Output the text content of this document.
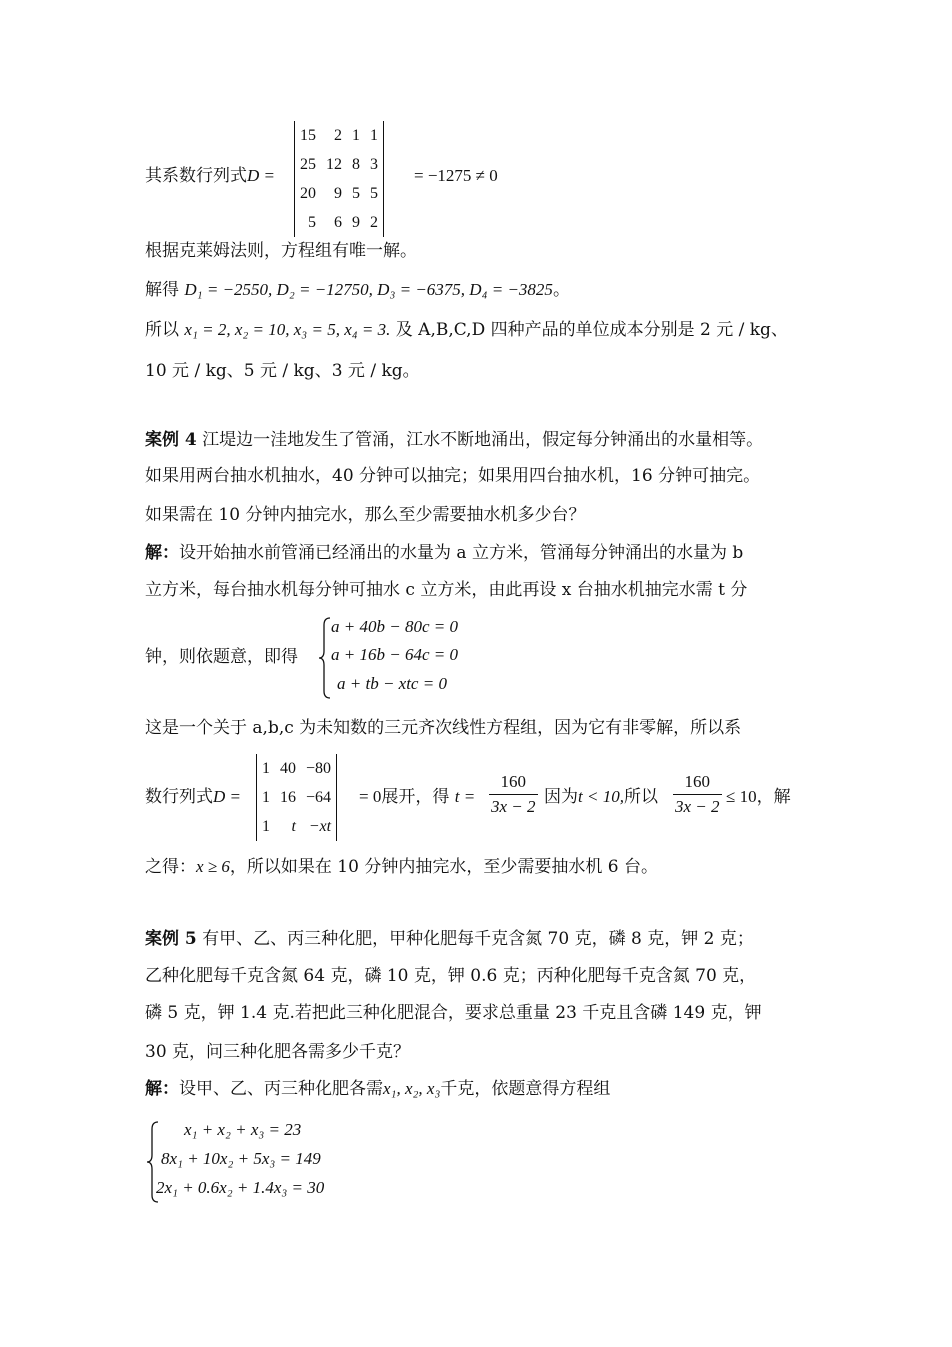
其系数行列式D =
15	2	1	1
25	12	8	3
20	9	5	5
5	6	9	2
= −1275 ≠ 0
根据克莱姆法则，方程组有唯一解。
解得 D₁ = −2550, D₂ = −12750, D₃ = −6375, D₄ = −3825。
所以 x₁ = 2, x₂ = 10, x₃ = 5, x₄ = 3. 及 A,B,C,D 四种产品的单位成本分别是 2 元 / kg、
10 元 / kg、5 元 / kg、3 元 / kg。
案例 4 江堤边一洼地发生了管涌，江水不断地涌出，假定每分钟涌出的水量相等。
如果用两台抽水机抽水，40 分钟可以抽完；如果用四台抽水机，16 分钟可抽完。
如果需在 10 分钟内抽完水，那么至少需要抽水机多少台？
解：设开始抽水前管涌已经涌出的水量为 a 立方米，管涌每分钟涌出的水量为 b
立方米，每台抽水机每分钟可抽水 c 立方米，由此再设 x 台抽水机抽完水需 t 分
钟，则依题意，即得
a + 40b − 80c = 0
a + 16b − 64c = 0
a + tb − xtc = 0
这是一个关于 a,b,c 为未知数的三元齐次线性方程组，因为它有非零解，所以系
数行列式D =
1	40	−80
1	16	−64
1	t	−xt
= 0展开，得 $t = \frac{160}{3x - 2}$ 因为t < 10,所以 $\frac{160}{3x - 2} \le 10$，解
之得：x ≥ 6，所以如果在 10 分钟内抽完水，至少需要抽水机 6 台。
案例 5 有甲、乙、丙三种化肥，甲种化肥每千克含氮 70 克，磷 8 克，钾 2 克；
乙种化肥每千克含氮 64 克，磷 10 克，钾 0.6 克；丙种化肥每千克含氮 70 克，
磷 5 克，钾 1.4 克.若把此三种化肥混合，要求总重量 23 千克且含磷 149 克，钾
30 克，问三种化肥各需多少千克？
解：设甲、乙、丙三种化肥各需x₁, x₂, x₃千克，依题意得方程组
x₁ + x₂ + x₃ = 23
8x₁ + 10x₂ + 5x₃ = 149
2x₁ + 0.6x₂ + 1.4x₃ = 30
